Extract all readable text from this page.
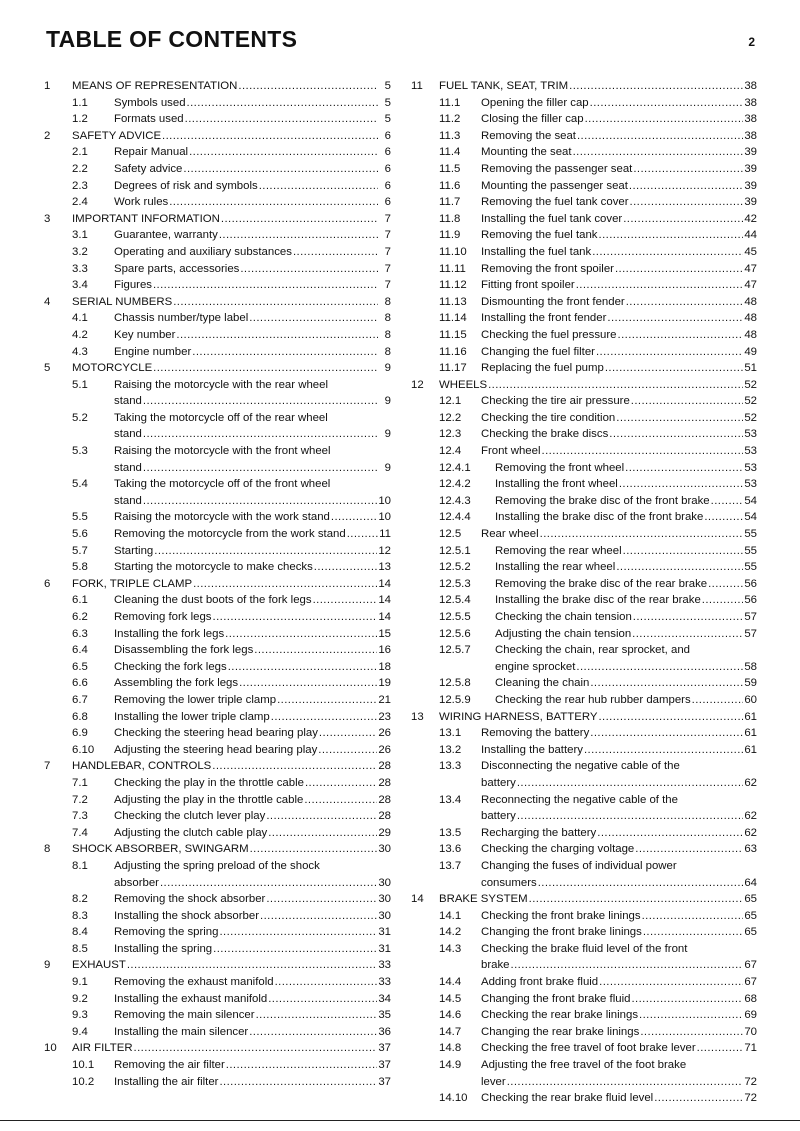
TABLE OF CONTENTS	2
1	MEANS OF REPRESENTATION .....	5
1.1	Symbols used .....	5
1.2	Formats used .....	5
2	SAFETY ADVICE .....	6
2.1	Repair Manual .....	6
2.2	Safety advice .....	6
2.3	Degrees of risk and symbols .....	6
2.4	Work rules .....	6
3	IMPORTANT INFORMATION .....	7
3.1	Guarantee, warranty .....	7
3.2	Operating and auxiliary substances .....	7
3.3	Spare parts, accessories .....	7
3.4	Figures .....	7
4	SERIAL NUMBERS .....	8
4.1	Chassis number/type label .....	8
4.2	Key number .....	8
4.3	Engine number .....	8
5	MOTORCYCLE .....	9
5.1	Raising the motorcycle with the rear wheel
stand .....	9
5.2	Taking the motorcycle off of the rear wheel
stand .....	9
5.3	Raising the motorcycle with the front wheel
stand .....	9
5.4	Taking the motorcycle off of the front wheel
stand .....	10
5.5	Raising the motorcycle with the work stand .....	10
5.6	Removing the motorcycle from the work stand .....	11
5.7	Starting .....	12
5.8	Starting the motorcycle to make checks .....	13
6	FORK, TRIPLE CLAMP .....	14
6.1	Cleaning the dust boots of the fork legs .....	14
6.2	Removing fork legs .....	14
6.3	Installing the fork legs .....	15
6.4	Disassembling the fork legs .....	16
6.5	Checking the fork legs .....	18
6.6	Assembling the fork legs .....	19
6.7	Removing the lower triple clamp .....	21
6.8	Installing the lower triple clamp .....	23
6.9	Checking the steering head bearing play .....	26
6.10	Adjusting the steering head bearing play .....	26
7	HANDLEBAR, CONTROLS .....	28
7.1	Checking the play in the throttle cable .....	28
7.2	Adjusting the play in the throttle cable .....	28
7.3	Checking the clutch lever play .....	28
7.4	Adjusting the clutch cable play .....	29
8	SHOCK ABSORBER, SWINGARM .....	30
8.1	Adjusting the spring preload of the shock
absorber .....	30
8.2	Removing the shock absorber .....	30
8.3	Installing the shock absorber .....	30
8.4	Removing the spring .....	31
8.5	Installing the spring .....	31
9	EXHAUST .....	33
9.1	Removing the exhaust manifold .....	33
9.2	Installing the exhaust manifold .....	34
9.3	Removing the main silencer .....	35
9.4	Installing the main silencer .....	36
10	AIR FILTER .....	37
10.1	Removing the air filter .....	37
10.2	Installing the air filter .....	37
11	FUEL TANK, SEAT, TRIM .....	38
11.1	Opening the filler cap .....	38
11.2	Closing the filler cap .....	38
11.3	Removing the seat .....	38
11.4	Mounting the seat .....	39
11.5	Removing the passenger seat .....	39
11.6	Mounting the passenger seat .....	39
11.7	Removing the fuel tank cover .....	39
11.8	Installing the fuel tank cover .....	42
11.9	Removing the fuel tank .....	44
11.10	Installing the fuel tank .....	45
11.11	Removing the front spoiler .....	47
11.12	Fitting front spoiler .....	47
11.13	Dismounting the front fender .....	48
11.14	Installing the front fender .....	48
11.15	Checking the fuel pressure .....	48
11.16	Changing the fuel filter .....	49
11.17	Replacing the fuel pump .....	51
12	WHEELS .....	52
12.1	Checking the tire air pressure .....	52
12.2	Checking the tire condition .....	52
12.3	Checking the brake discs .....	53
12.4	Front wheel .....	53
12.4.1	Removing the front wheel .....	53
12.4.2	Installing the front wheel .....	53
12.4.3	Removing the brake disc of the front brake .....	54
12.4.4	Installing the brake disc of the front brake .....	54
12.5	Rear wheel .....	55
12.5.1	Removing the rear wheel .....	55
12.5.2	Installing the rear wheel .....	55
12.5.3	Removing the brake disc of the rear brake .....	56
12.5.4	Installing the brake disc of the rear brake .....	56
12.5.5	Checking the chain tension .....	57
12.5.6	Adjusting the chain tension .....	57
12.5.7	Checking the chain, rear sprocket, and
engine sprocket .....	58
12.5.8	Cleaning the chain .....	59
12.5.9	Checking the rear hub rubber dampers .....	60
13	WIRING HARNESS, BATTERY .....	61
13.1	Removing the battery .....	61
13.2	Installing the battery .....	61
13.3	Disconnecting the negative cable of the
battery .....	62
13.4	Reconnecting the negative cable of the
battery .....	62
13.5	Recharging the battery .....	62
13.6	Checking the charging voltage .....	63
13.7	Changing the fuses of individual power
consumers .....	64
14	BRAKE SYSTEM .....	65
14.1	Checking the front brake linings .....	65
14.2	Changing the front brake linings .....	65
14.3	Checking the brake fluid level of the front
brake .....	67
14.4	Adding front brake fluid .....	67
14.5	Changing the front brake fluid .....	68
14.6	Checking the rear brake linings .....	69
14.7	Changing the rear brake linings .....	70
14.8	Checking the free travel of foot brake lever .....	71
14.9	Adjusting the free travel of the foot brake
lever .....	72
14.10	Checking the rear brake fluid level .....	72
